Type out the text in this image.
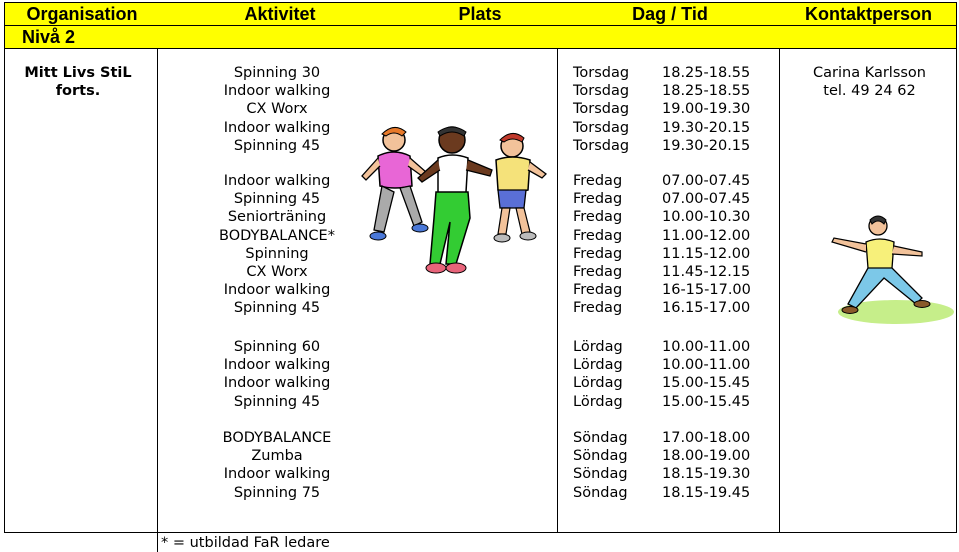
Organisation	Aktivitet	Plats	Dag / Tid	Kontaktperson
Nivå 2
Mitt Livs StiL
forts.
Carina Karlsson
tel. 49 24 62
Spinning 30	Torsdag 18.25-18.55
Indoor walking	Torsdag 18.25-18.55
CX Worx	Torsdag 19.00-19.30
Indoor walking	Torsdag 19.30-20.15
Spinning 45	Torsdag 19.30-20.15
Indoor walking	Fredag	07.00-07.45
Spinning 45	Fredag	07.00-07.45
Seniorträning	Fredag	10.00-10.30
BODYBALANCE*	Fredag	11.00-12.00
Spinning	Fredag	11.15-12.00
CX Worx	Fredag	11.45-12.15
Indoor walking	Fredag	16-15-17.00
Spinning 45	Fredag	16.15-17.00
Spinning 60	Lördag	10.00-11.00
Indoor walking	Lördag	10.00-11.00
Indoor walking	Lördag	15.00-15.45
Spinning 45	Lördag	15.00-15.45
BODYBALANCE	Söndag 17.00-18.00
Zumba	Söndag 18.00-19.00
Indoor walking	Söndag 18.15-19.30
Spinning 75	Söndag 18.15-19.45
* = utbildad FaR ledare
